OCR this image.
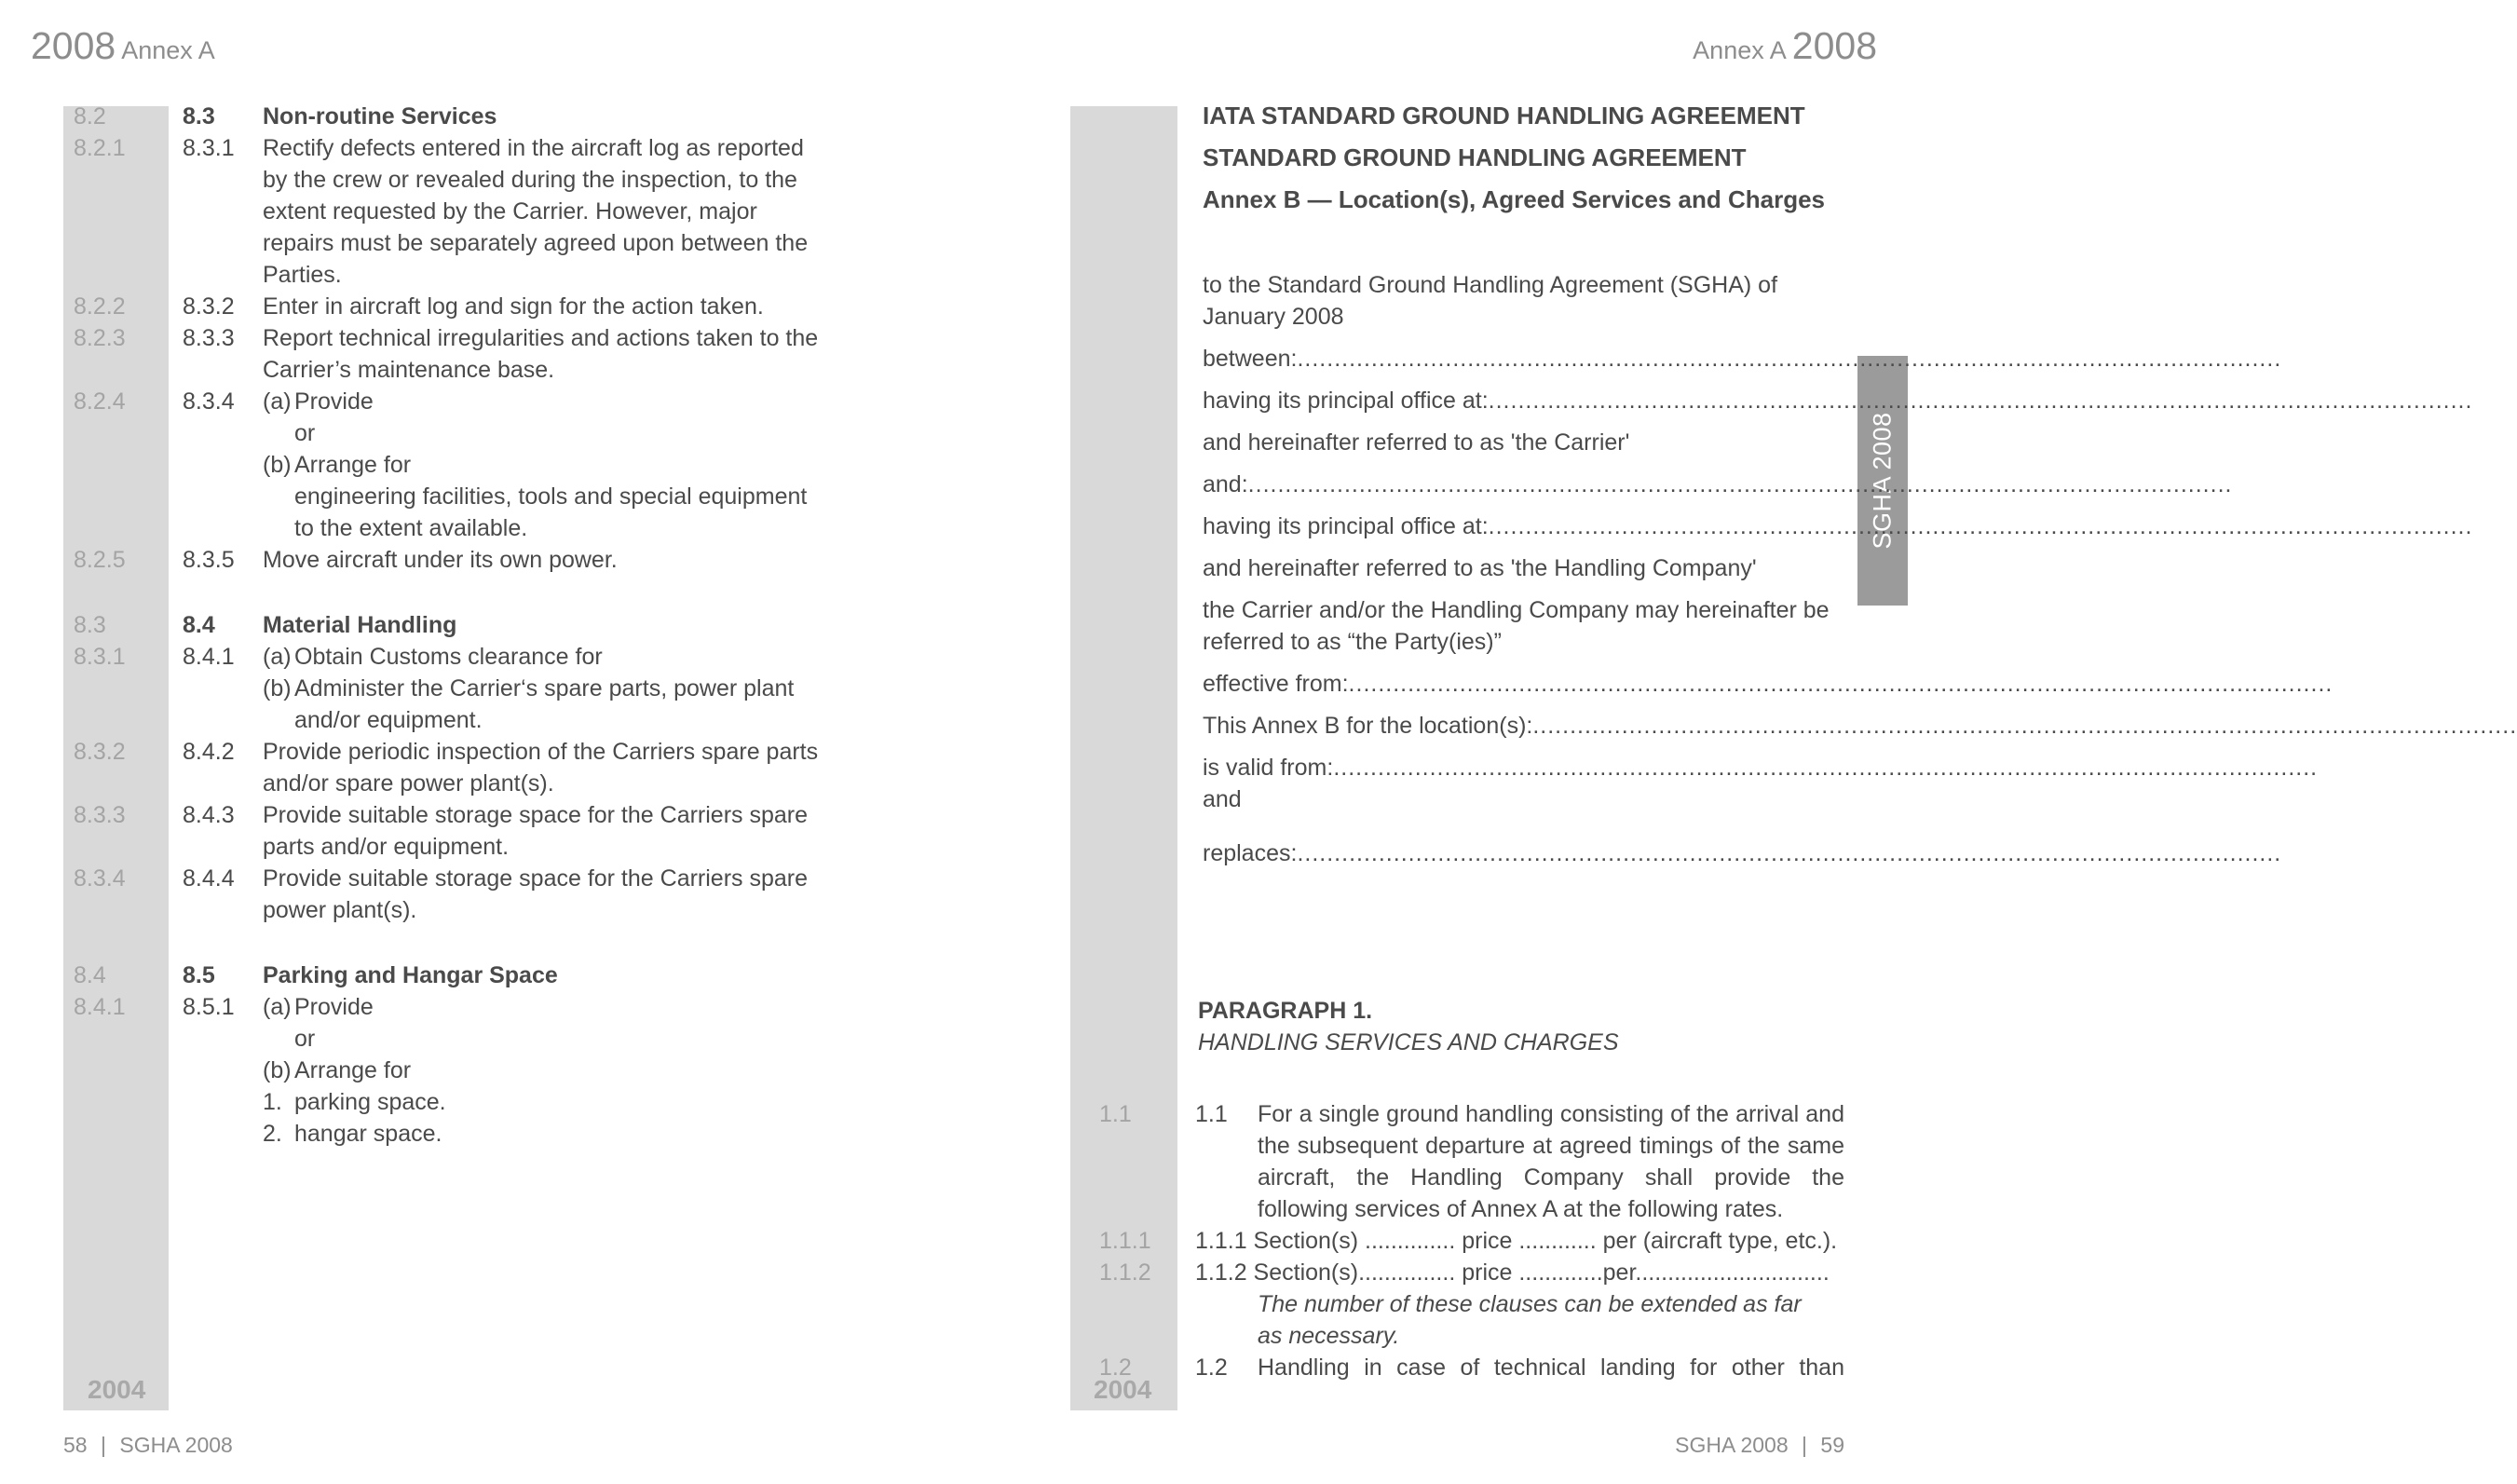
2008 Annex A
2004
8.2	8.3 Non-routine Services
8.2.1 8.3.1 Rectify defects entered in the aircraft log as reported by the crew or revealed during the inspection, to the extent requested by the Carrier. However, major repairs must be separately agreed upon between the Parties.
8.2.2 8.3.2 Enter in aircraft log and sign for the action taken.
8.2.3 8.3.3 Report technical irregularities and actions taken to the Carrier’s maintenance base.
8.2.4 8.3.4 (a) Provide
or
(b) Arrange for
engineering facilities, tools and special equipment
to the extent available.
8.2.5 8.3.5 Move aircraft under its own power.
8.3	8.4 Material Handling
8.3.1 8.4.1 (a) Obtain Customs clearance for
(b) Administer the Carrier‘s spare parts, power plant
and/or equipment.
8.3.2 8.4.2 Provide periodic inspection of the Carriers spare parts and/or spare power plant(s).
8.3.3 8.4.3 Provide suitable storage space for the Carriers spare parts and/or equipment.
8.3.4 8.4.4 Provide suitable storage space for the Carriers spare power plant(s).
8.4	8.5 Parking and Hangar Space
8.4.1 8.5.1 (a) Provide
or
(b) Arrange for
1. parking space.
2. hangar space.
58 | SGHA 2008
Annex A 2008
2004
SGHA 2008
IATA STANDARD GROUND HANDLING AGREEMENT
STANDARD GROUND HANDLING AGREEMENT
Annex B — Location(s), Agreed Services and Charges
to the Standard Ground Handling Agreement (SGHA) of January 2008
between: .....................................................................................................................................
having its principal office at: .....................................................................................................................................
and hereinafter referred to as 'the Carrier'
and: .....................................................................................................................................
having its principal office at: .....................................................................................................................................
and hereinafter referred to as 'the Handling Company'
the Carrier and/or the Handling Company may hereinafter be referred to as “the Party(ies)”
effective from: .....................................................................................................................................
This Annex B for the location(s): .....................................................................................................................................
is valid from: .....................................................................................................................................
and
replaces: .....................................................................................................................................
PARAGRAPH 1.
HANDLING SERVICES AND CHARGES
1.1	1.1 For a single ground handling consisting of the arrival and the subsequent departure at agreed timings of the same aircraft, the Handling Company shall provide the following services of Annex A at the following rates.
1.1.1 1.1.1 Section(s) .............. price ............ per (aircraft type, etc.).
1.1.2 1.1.2 Section(s)............... price .............per..............................
The number of these clauses can be extended as far
as necessary.
1.2	1.2 Handling in case of technical landing for other than
SGHA 2008 | 59
